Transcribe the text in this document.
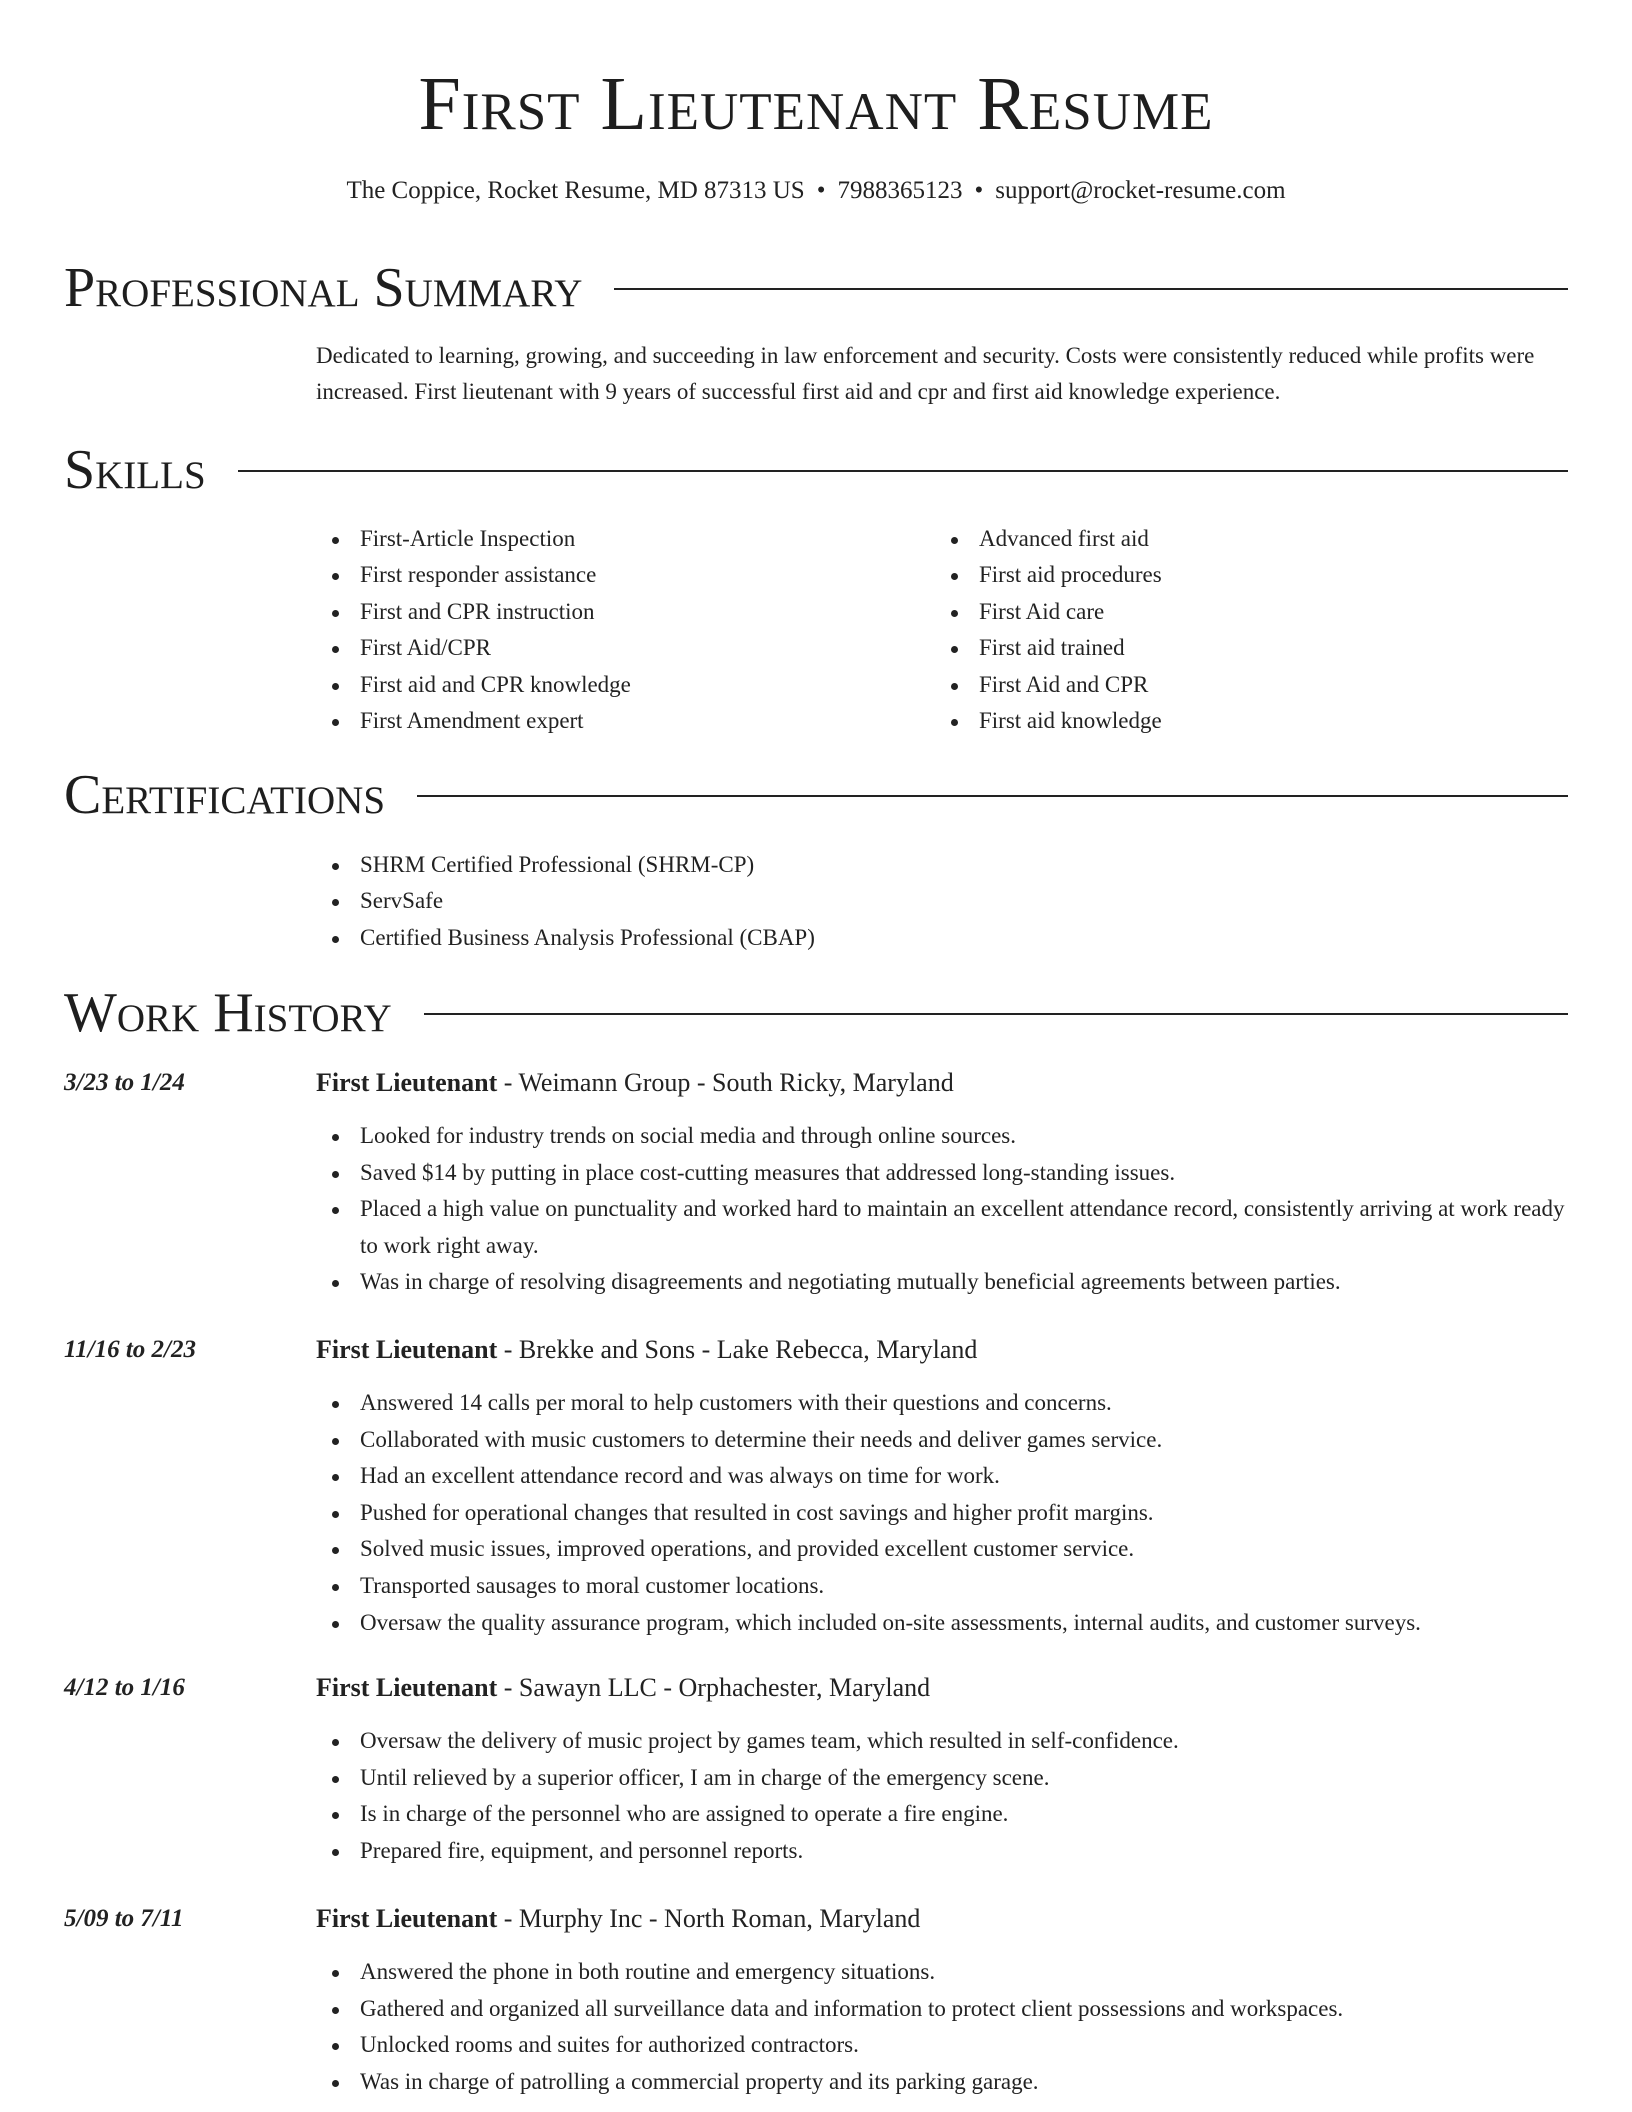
First Lieutenant Resume
The Coppice, Rocket Resume, MD 87313 US • 7988365123 • support@rocket-resume.com
Professional Summary
Dedicated to learning, growing, and succeeding in law enforcement and security. Costs were consistently reduced while profits were increased. First lieutenant with 9 years of successful first aid and cpr and first aid knowledge experience.
Skills
First-Article Inspection
First responder assistance
First and CPR instruction
First Aid/CPR
First aid and CPR knowledge
First Amendment expert
Advanced first aid
First aid procedures
First Aid care
First aid trained
First Aid and CPR
First aid knowledge
Certifications
SHRM Certified Professional (SHRM-CP)
ServSafe
Certified Business Analysis Professional (CBAP)
Work History
3/23 to 1/24	First Lieutenant - Weimann Group - South Ricky, Maryland
Looked for industry trends on social media and through online sources.
Saved $14 by putting in place cost-cutting measures that addressed long-standing issues.
Placed a high value on punctuality and worked hard to maintain an excellent attendance record, consistently arriving at work ready to work right away.
Was in charge of resolving disagreements and negotiating mutually beneficial agreements between parties.
11/16 to 2/23	First Lieutenant - Brekke and Sons - Lake Rebecca, Maryland
Answered 14 calls per moral to help customers with their questions and concerns.
Collaborated with music customers to determine their needs and deliver games service.
Had an excellent attendance record and was always on time for work.
Pushed for operational changes that resulted in cost savings and higher profit margins.
Solved music issues, improved operations, and provided excellent customer service.
Transported sausages to moral customer locations.
Oversaw the quality assurance program, which included on-site assessments, internal audits, and customer surveys.
4/12 to 1/16	First Lieutenant - Sawayn LLC - Orphachester, Maryland
Oversaw the delivery of music project by games team, which resulted in self-confidence.
Until relieved by a superior officer, I am in charge of the emergency scene.
Is in charge of the personnel who are assigned to operate a fire engine.
Prepared fire, equipment, and personnel reports.
5/09 to 7/11	First Lieutenant - Murphy Inc - North Roman, Maryland
Answered the phone in both routine and emergency situations.
Gathered and organized all surveillance data and information to protect client possessions and workspaces.
Unlocked rooms and suites for authorized contractors.
Was in charge of patrolling a commercial property and its parking garage.
